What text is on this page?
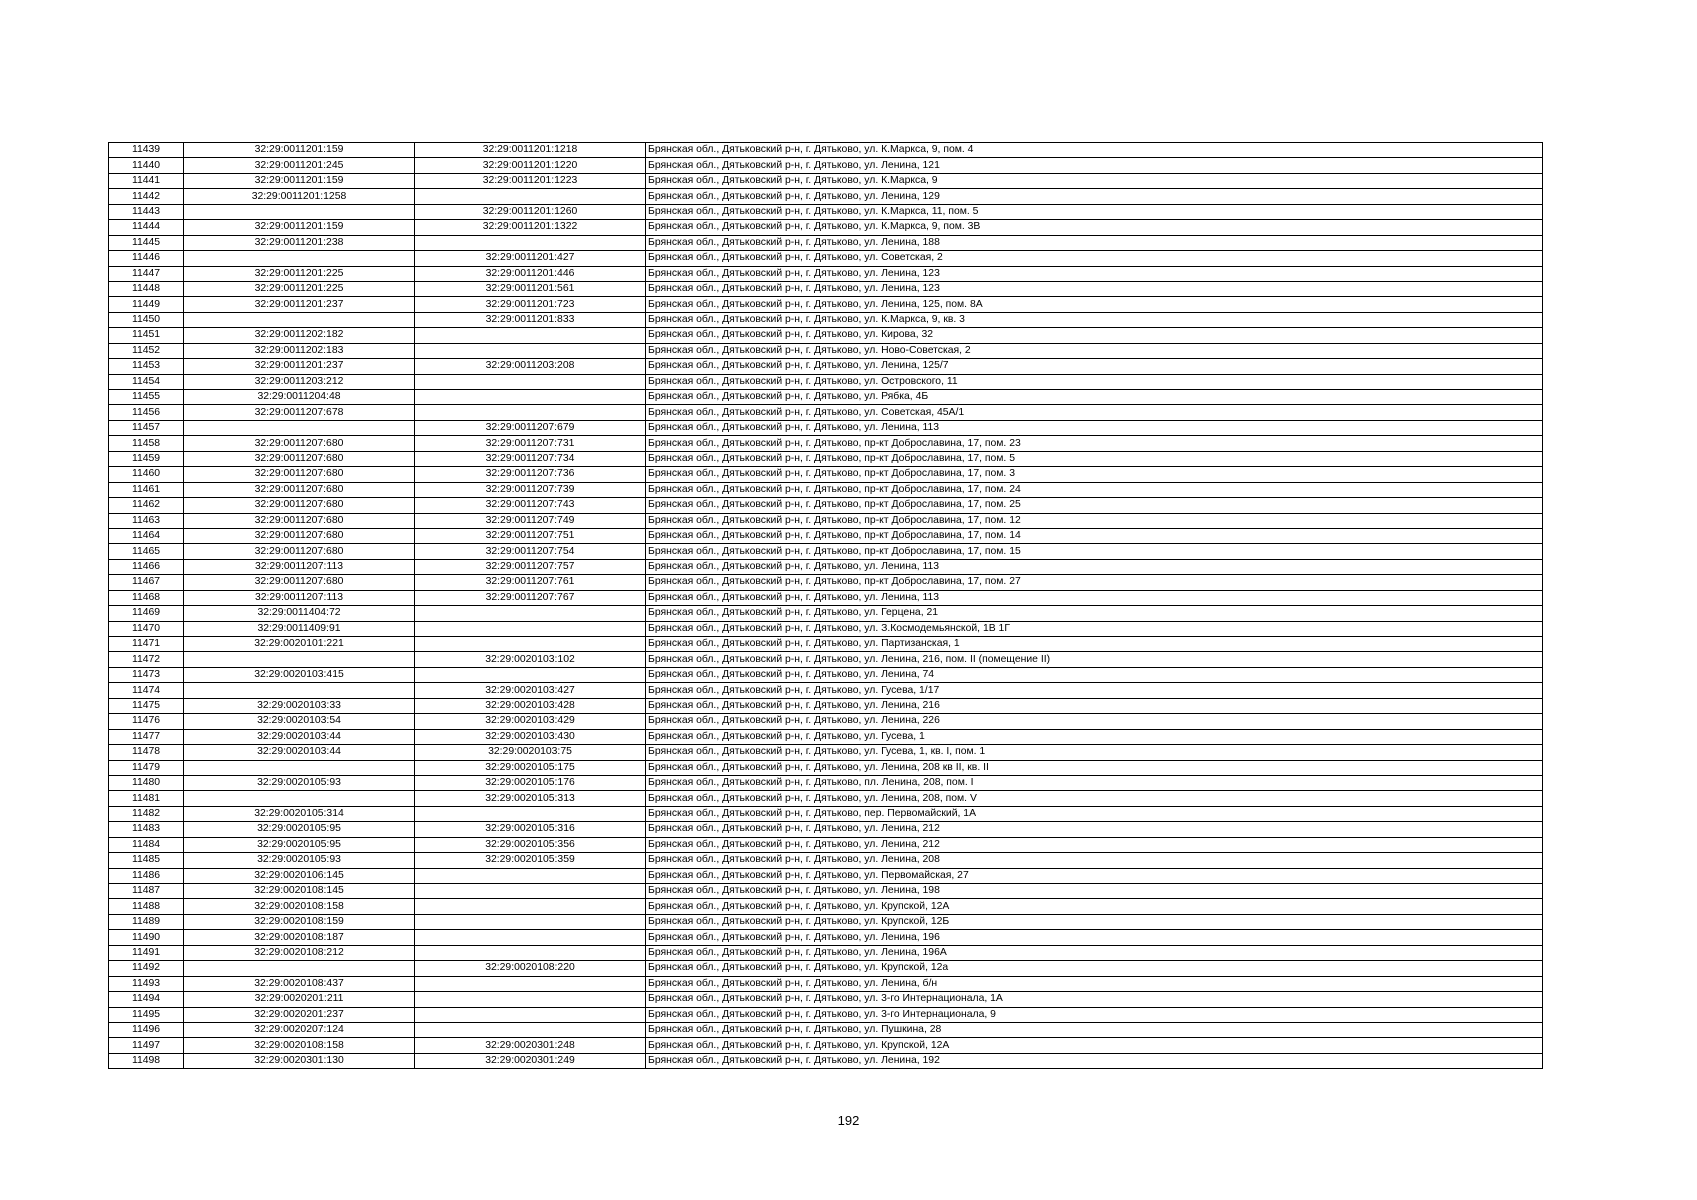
11439	32:29:0011201:159	32:29:0011201:1218	Брянская обл., Дятьковский р-н, г. Дятьково, ул. К.Маркса, 9, пом. 4
11440	32:29:0011201:245	32:29:0011201:1220	Брянская обл., Дятьковский р-н, г. Дятьково, ул. Ленина, 121
11441	32:29:0011201:159	32:29:0011201:1223	Брянская обл., Дятьковский р-н, г. Дятьково, ул. К.Маркса, 9
11442	32:29:0011201:1258		Брянская обл., Дятьковский р-н, г. Дятьково, ул. Ленина, 129
11443		32:29:0011201:1260	Брянская обл., Дятьковский р-н, г. Дятьково, ул. К.Маркса, 11, пом. 5
11444	32:29:0011201:159	32:29:0011201:1322	Брянская обл., Дятьковский р-н, г. Дятьково, ул. К.Маркса, 9, пом. 3В
11445	32:29:0011201:238		Брянская обл., Дятьковский р-н, г. Дятьково, ул. Ленина, 188
11446		32:29:0011201:427	Брянская обл., Дятьковский р-н, г. Дятьково, ул. Советская, 2
11447	32:29:0011201:225	32:29:0011201:446	Брянская обл., Дятьковский р-н, г. Дятьково, ул. Ленина, 123
11448	32:29:0011201:225	32:29:0011201:561	Брянская обл., Дятьковский р-н, г. Дятьково, ул. Ленина, 123
11449	32:29:0011201:237	32:29:0011201:723	Брянская обл., Дятьковский р-н, г. Дятьково, ул. Ленина, 125, пом. 8А
11450		32:29:0011201:833	Брянская обл., Дятьковский р-н, г. Дятьково, ул. К.Маркса, 9, кв. 3
11451	32:29:0011202:182		Брянская обл., Дятьковский р-н, г. Дятьково, ул. Кирова, 32
11452	32:29:0011202:183		Брянская обл., Дятьковский р-н, г. Дятьково, ул. Ново-Советская, 2
11453	32:29:0011201:237	32:29:0011203:208	Брянская обл., Дятьковский р-н, г. Дятьково, ул. Ленина, 125/7
11454	32:29:0011203:212		Брянская обл., Дятьковский р-н, г. Дятьково, ул. Островского, 11
11455	32:29:0011204:48		Брянская обл., Дятьковский р-н, г. Дятьково, ул. Рябка, 4Б
11456	32:29:0011207:678		Брянская обл., Дятьковский р-н, г. Дятьково, ул. Советская, 45А/1
11457		32:29:0011207:679	Брянская обл., Дятьковский р-н, г. Дятьково, ул. Ленина, 113
11458	32:29:0011207:680	32:29:0011207:731	Брянская обл., Дятьковский р-н, г. Дятьково, пр-кт Доброславина, 17, пом. 23
11459	32:29:0011207:680	32:29:0011207:734	Брянская обл., Дятьковский р-н, г. Дятьково, пр-кт Доброславина, 17, пом. 5
11460	32:29:0011207:680	32:29:0011207:736	Брянская обл., Дятьковский р-н, г. Дятьково, пр-кт Доброславина, 17, пом. 3
11461	32:29:0011207:680	32:29:0011207:739	Брянская обл., Дятьковский р-н, г. Дятьково, пр-кт Доброславина, 17, пом. 24
11462	32:29:0011207:680	32:29:0011207:743	Брянская обл., Дятьковский р-н, г. Дятьково, пр-кт Доброславина, 17, пом. 25
11463	32:29:0011207:680	32:29:0011207:749	Брянская обл., Дятьковский р-н, г. Дятьково, пр-кт Доброславина, 17, пом. 12
11464	32:29:0011207:680	32:29:0011207:751	Брянская обл., Дятьковский р-н, г. Дятьково, пр-кт Доброславина, 17, пом. 14
11465	32:29:0011207:680	32:29:0011207:754	Брянская обл., Дятьковский р-н, г. Дятьково, пр-кт Доброславина, 17, пом. 15
11466	32:29:0011207:113	32:29:0011207:757	Брянская обл., Дятьковский р-н, г. Дятьково, ул. Ленина, 113
11467	32:29:0011207:680	32:29:0011207:761	Брянская обл., Дятьковский р-н, г. Дятьково, пр-кт Доброславина, 17, пом. 27
11468	32:29:0011207:113	32:29:0011207:767	Брянская обл., Дятьковский р-н, г. Дятьково, ул. Ленина, 113
11469	32:29:0011404:72		Брянская обл., Дятьковский р-н, г. Дятьково, ул. Герцена, 21
11470	32:29:0011409:91		Брянская обл., Дятьковский р-н, г. Дятьково, ул. З.Космодемьянской, 1В 1Г
11471	32:29:0020101:221		Брянская обл., Дятьковский р-н, г. Дятьково, ул. Партизанская, 1
11472		32:29:0020103:102	Брянская обл., Дятьковский р-н, г. Дятьково, ул. Ленина, 216, пом. II (помещение II)
11473	32:29:0020103:415		Брянская обл., Дятьковский р-н, г. Дятьково, ул. Ленина, 74
11474		32:29:0020103:427	Брянская обл., Дятьковский р-н, г. Дятьково, ул. Гусева, 1/17
11475	32:29:0020103:33	32:29:0020103:428	Брянская обл., Дятьковский р-н, г. Дятьково, ул. Ленина, 216
11476	32:29:0020103:54	32:29:0020103:429	Брянская обл., Дятьковский р-н, г. Дятьково, ул. Ленина, 226
11477	32:29:0020103:44	32:29:0020103:430	Брянская обл., Дятьковский р-н, г. Дятьково, ул. Гусева, 1
11478	32:29:0020103:44	32:29:0020103:75	Брянская обл., Дятьковский р-н, г. Дятьково, ул. Гусева, 1, кв. I, пом. 1
11479		32:29:0020105:175	Брянская обл., Дятьковский р-н, г. Дятьково, ул. Ленина, 208 кв II, кв. II
11480	32:29:0020105:93	32:29:0020105:176	Брянская обл., Дятьковский р-н, г. Дятьково, пл. Ленина, 208, пом. I
11481		32:29:0020105:313	Брянская обл., Дятьковский р-н, г. Дятьково, ул. Ленина, 208, пом. V
11482	32:29:0020105:314		Брянская обл., Дятьковский р-н, г. Дятьково, пер. Первомайский, 1А
11483	32:29:0020105:95	32:29:0020105:316	Брянская обл., Дятьковский р-н, г. Дятьково, ул. Ленина, 212
11484	32:29:0020105:95	32:29:0020105:356	Брянская обл., Дятьковский р-н, г. Дятьково, ул. Ленина, 212
11485	32:29:0020105:93	32:29:0020105:359	Брянская обл., Дятьковский р-н, г. Дятьково, ул. Ленина, 208
11486	32:29:0020106:145		Брянская обл., Дятьковский р-н, г. Дятьково, ул. Первомайская, 27
11487	32:29:0020108:145		Брянская обл., Дятьковский р-н, г. Дятьково, ул. Ленина, 198
11488	32:29:0020108:158		Брянская обл., Дятьковский р-н, г. Дятьково, ул. Крупской, 12А
11489	32:29:0020108:159		Брянская обл., Дятьковский р-н, г. Дятьково, ул. Крупской, 12Б
11490	32:29:0020108:187		Брянская обл., Дятьковский р-н, г. Дятьково, ул. Ленина, 196
11491	32:29:0020108:212		Брянская обл., Дятьковский р-н, г. Дятьково, ул. Ленина, 196А
11492		32:29:0020108:220	Брянская обл., Дятьковский р-н, г. Дятьково, ул. Крупской, 12а
11493	32:29:0020108:437		Брянская обл., Дятьковский р-н, г. Дятьково, ул. Ленина, б/н
11494	32:29:0020201:211		Брянская обл., Дятьковский р-н, г. Дятьково, ул. 3-го Интернационала, 1А
11495	32:29:0020201:237		Брянская обл., Дятьковский р-н, г. Дятьково, ул. 3-го Интернационала, 9
11496	32:29:0020207:124		Брянская обл., Дятьковский р-н, г. Дятьково, ул. Пушкина, 28
11497	32:29:0020108:158	32:29:0020301:248	Брянская обл., Дятьковский р-н, г. Дятьково, ул. Крупской, 12А
11498	32:29:0020301:130	32:29:0020301:249	Брянская обл., Дятьковский р-н, г. Дятьково, ул. Ленина, 192
192
